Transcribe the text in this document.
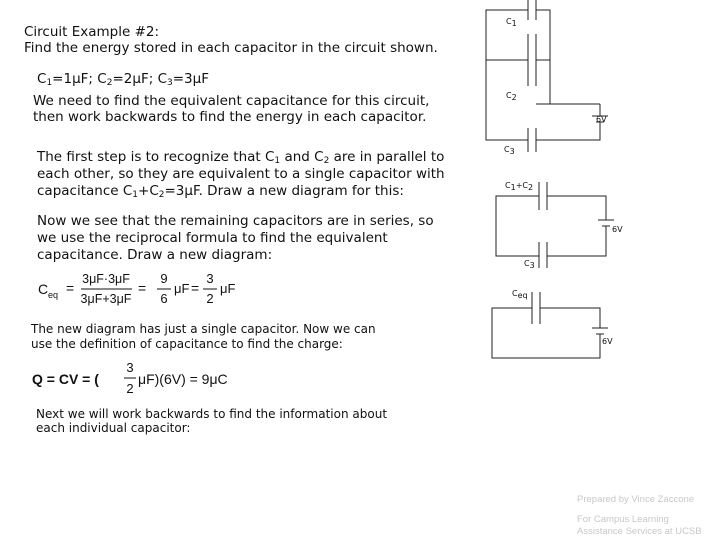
Circuit Example #2:

Find the energy stored in each capacitor in the circuit shown.

$C_1=1\mu F$; $C_2=2\mu F$; $C_3=3\mu F$

We need to find the equivalent capacitance for this circuit,

then work backwards to find the energy in each capacitor.

The first step is to recognize that $C_1$ and $C_2$ are in parallel to

each other, so they are equivalent to a single capacitor with

capacitance $C_1+C_2=3\mu F$. Draw a new diagram for this:

Now we see that the remaining capacitors are in series, so

we use the reciprocal formula to find the equivalent

capacitance. Draw a new diagram:

C eq =
3μF·3μF
3μF+3μF
=
9
6
μF =
3
2
μF

The new diagram has just a single capacitor. Now we can

use the definition of capacitance to find the charge:

Q = CV = (
3
2
μF)(6V) = 9μC

Next we will work backwards to find the information about

each individual capacitor:

C1
C2
C3
6V
C1+C2
C3
6V
Ceq
6V
Prepared by Vince Zaccone
For Campus Learning
Assistance Services at UCSB
